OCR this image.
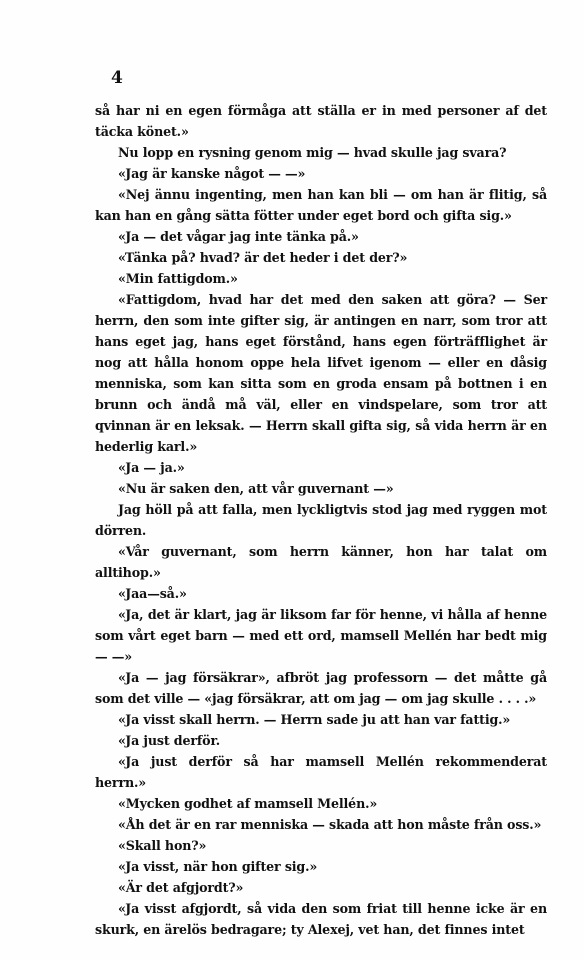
4

så har ni en egen förmåga att ställa er in med personer af det täcka könet.»

Nu lopp en rysning genom mig — hvad skulle jag svara?

«Jag är kanske något — —»

«Nej ännu ingenting, men han kan bli — om han är flitig, så kan han en gång sätta fötter under eget bord och gifta sig.»

«Ja — det vågar jag inte tänka på.»

«Tänka på? hvad? är det heder i det der?»

«Min fattigdom.»

«Fattigdom, hvad har det med den saken att göra? — Ser herrn, den som inte gifter sig, är antingen en narr, som tror att hans eget jag, hans eget förstånd, hans egen förträfflighet är nog att hålla honom oppe hela lifvet igenom — eller en dåsig menniska, som kan sitta som en groda ensam på bottnen i en brunn och ändå må väl, eller en vindspelare, som tror att qvinnan är en leksak. — Herrn skall gifta sig, så vida herrn är en hederlig karl.»

«Ja — ja.»

«Nu är saken den, att vår guvernant —»

Jag höll på att falla, men lyckligtvis stod jag med ryggen mot dörren.

«Vår guvernant, som herrn känner, hon har talat om alltihop.»

«Jaa—så.»

«Ja, det är klart, jag är liksom far för henne, vi hålla af henne som vårt eget barn — med ett ord, mamsell Mellén har bedt mig — —»

«Ja — jag försäkrar», afbröt jag professorn — det måtte gå som det ville — «jag försäkrar, att om jag — om jag skulle . . . .»

«Ja visst skall herrn. — Herrn sade ju att han var fattig.»

«Ja just derför.

«Ja just derför så har mamsell Mellén rekommenderat herrn.»

«Mycken godhet af mamsell Mellén.»

«Åh det är en rar menniska — skada att hon måste från oss.»

«Skall hon?»

«Ja visst, när hon gifter sig.»

«Är det afgjordt?»

«Ja visst afgjordt, så vida den som friat till henne icke är en skurk, en ärelös bedragare; ty Alexej, vet han, det finnes intet
